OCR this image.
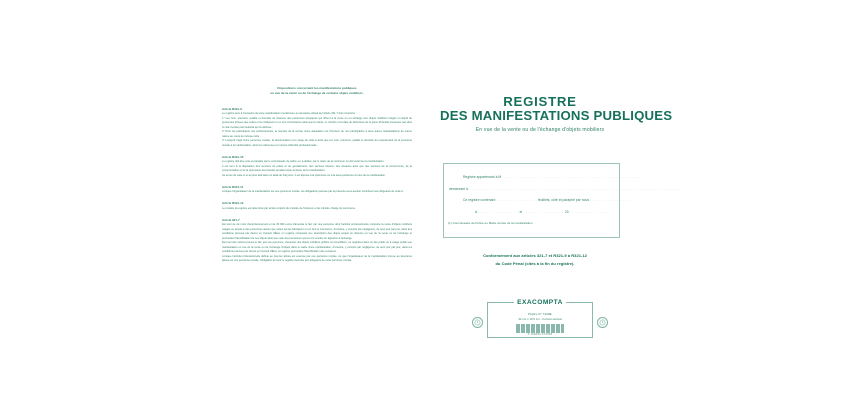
Dispositions concernant les manifestations publiques
en vue de la vente ou de l'échange de certains objets mobiliers.
Article R321-9

Le registre tenu à l'occasion de toute manifestation mentionnée au deuxième alinéa de l'article 321-7 doit comporter :

1° Les nom, prénoms, qualité et domicile de chacune des personnes physiques qui offrent à la vente ou en échange des objets mobiliers rangés ou dépôt de personnes privées que celles-ci les indiquent ou en tout circonstance ainsi que la nature, le nombre et la date de délivrance de la pièce d'identité présentée par elles si cela n'existe pas l'autorité qui l'a délivrée ;

2° Pour les participants non professionnels, la mention de la remise d'une attestation sur l'honneur de non participation à deux autres manifestations de même nature au cours de l'année civile ;

3° Lorsqu'il s'agit d'une personne morale, la dénomination et le siège de celle-ci ainsi que les nom, prénoms, qualité et domicile du représentant de la personne morale à la manifestation, ainsi les références et numéro d'identité professionnelle.

Article R321-10

Le registre doit être coté et paraphé par le commissaire de police ou, à défaut, par le maire de la commune où doit avoir lieu la manifestation.

Il est tenu à la disposition des services de police et de gendarmerie, des services fiscaux, des douanes ainsi que des services de la concurrence, de la consommation et de la répression des fraudes pendant toute la durée de la manifestation.

Au terme de celle-ci et au plus tard dans un délai de huit jours, il est déposé à la préfecture ou à la sous-préfecture du lieu de la manifestation.

Article R321-11

Lorsque l'organisateur de la manifestation est une personne morale, les obligations prévues par la présente sous-section incombent aux dirigeants de celle-ci.

Article R321-12

Le modèle du registre est déterminé par arrêté conjoint du ministre de l'intérieur et du ministre chargé du commerce.

Article 321-7

Est puni de six mois d'emprisonnement et de 30 000 euros d'amende le fait, par une personne dont l'activité professionnelle comporte la vente d'objets mobiliers usagés ou acquis à des personnes autres que celles qui les fabriquent ou en font le commerce, d'omettre, y compris par négligence, de tenir jour par jour, dans des conditions prévues par décret en Conseil d'État, un registre contenant une description des objets acquis ou détenus en vue de la vente ou de l'échange et permettant l'identification de ces objets ainsi que celle des personnes qui les ont vendus ou apportés à l'échange.

Est puni des mêmes peines le fait, par une personne, d'exposer des objets mobiliers publics ou immobiliers, ou organiser dans un lieu public ou à usage public une manifestation en vue de la vente ou de l'échange d'objets dans le cadre d'une manifestation, d'omettre, y compris par négligence, de tenir jour par jour, dans les conditions prévues par décret en Conseil d'État, un registre permettant l'identification des vendeurs.

Lorsque l'activité professionnelle définie au premier alinéa est exercée par une personne morale, ou que l'organisateur de la manifestation prévue au deuxième alinéa est une personne morale, l'obligation de tenir le registre incombe aux dirigeants de cette personne morale.

REGISTRE
DES MANIFESTATIONS PUBLIQUES
En vue de la vente ou de l'échange d'objets mobiliers
Registre appartenant à M . . . . . . . . . . . . . . . . . . . . . . . . . . . . . . . . . . . . . . . . . . . . . .
demeurant à . . . . . . . . . . . . . . . . . . . . . . . . . . . . . . . . . . . . . . . . . . . . . . . . . . . . . . . . . . . . . . . . . . . . . . .
Ce registre contenant . . . . . . . . . . . . . . feuillets, côté et paraphé par nous . . . . . . . . . . . . . .
A . . . . . . . . . . . . . . le . . . . . . . . . . . . . . 20 . . . . . . . . . . . . . .
(1) Commissaire de Police ou Maire du lieu de la manifestation
Conformément aux articles 321-7 et R321-9 à R321-12
du Code Pénal (cités à la fin du registre).
EXACOMPTA
Piqûre N° 7430E
32 cm x 19,5 cm - Format vertical
3 130630 074305
